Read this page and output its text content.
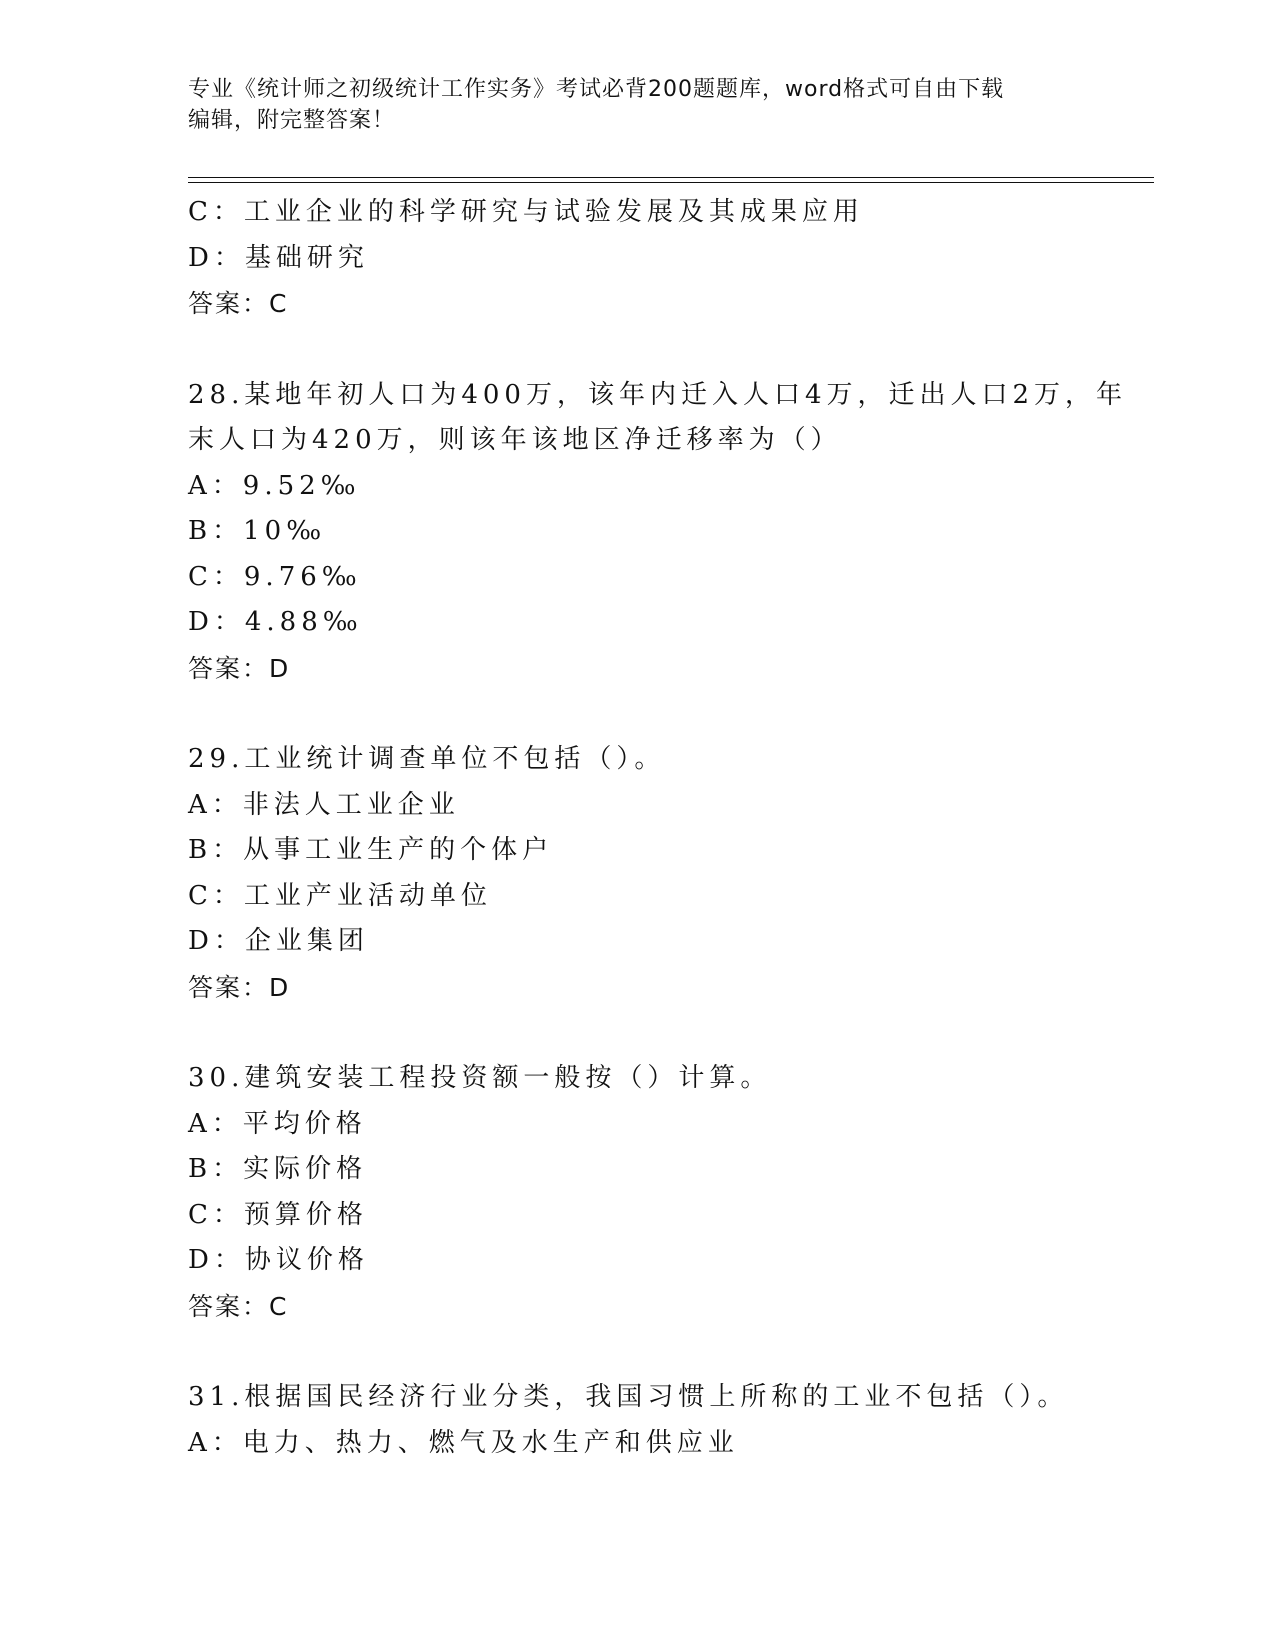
专业《统计师之初级统计工作实务》考试必背200题题库，word格式可自由下载
编辑，附完整答案！
C：工业企业的科学研究与试验发展及其成果应用
D：基础研究
答案：C
28.某地年初人口为400万，该年内迁入人口4万，迁出人口2万，年
末人口为420万，则该年该地区净迁移率为（）
A：9.52‰
B：10‰
C：9.76‰
D：4.88‰
答案：D
29.工业统计调查单位不包括（）。
A：非法人工业企业
B：从事工业生产的个体户
C：工业产业活动单位
D：企业集团
答案：D
30.建筑安装工程投资额一般按（）计算。
A：平均价格
B：实际价格
C：预算价格
D：协议价格
答案：C
31.根据国民经济行业分类，我国习惯上所称的工业不包括（）。
A：电力、热力、燃气及水生产和供应业
